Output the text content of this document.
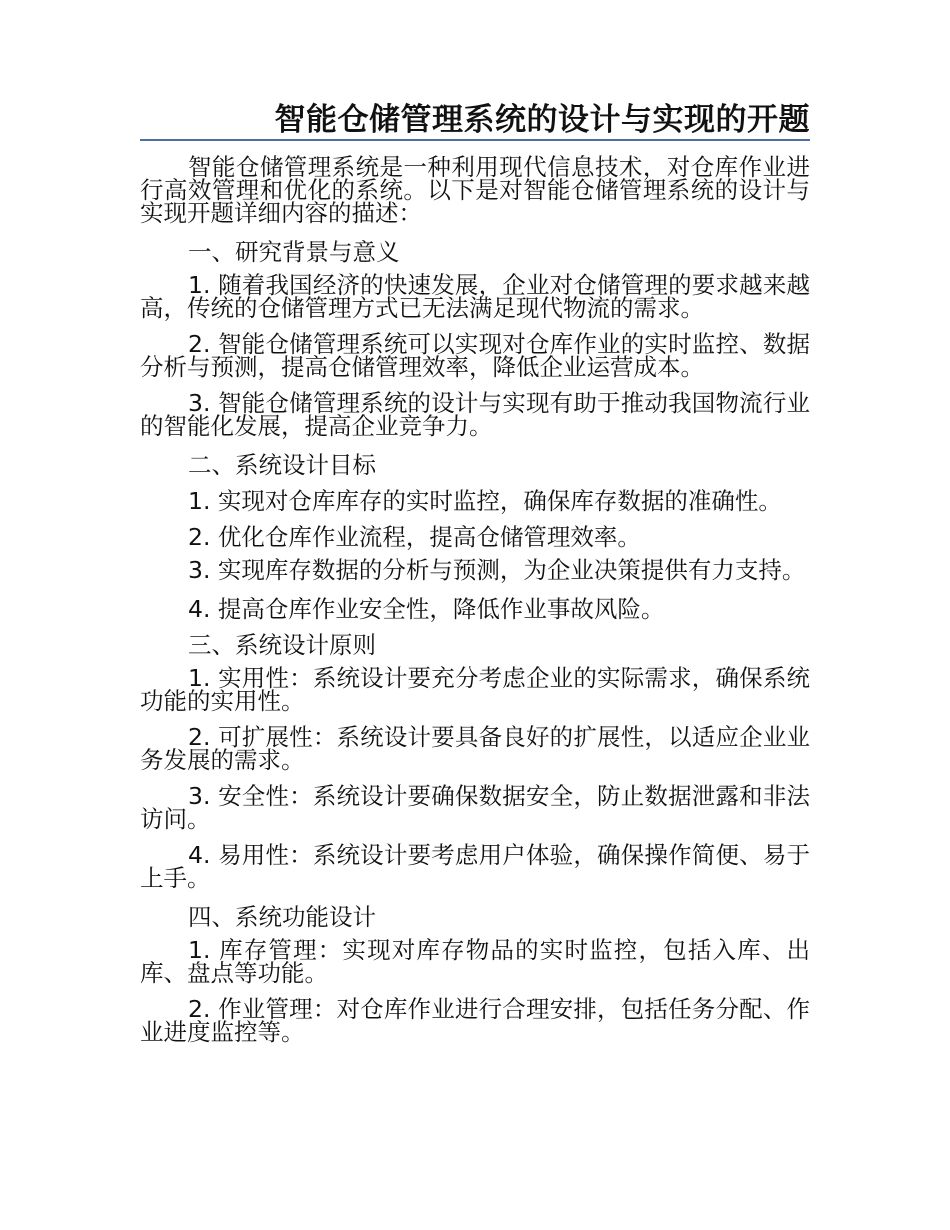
智能仓储管理系统的设计与实现的开题

智能仓储管理系统是一种利用现代信息技术，对仓库作业进行高效管理和优化的系统。以下是对智能仓储管理系统的设计与实现开题详细内容的描述：

一、研究背景与意义

1. 随着我国经济的快速发展，企业对仓储管理的要求越来越高，传统的仓储管理方式已无法满足现代物流的需求。

2. 智能仓储管理系统可以实现对仓库作业的实时监控、数据分析与预测，提高仓储管理效率，降低企业运营成本。

3. 智能仓储管理系统的设计与实现有助于推动我国物流行业的智能化发展，提高企业竞争力。

二、系统设计目标

1. 实现对仓库库存的实时监控，确保库存数据的准确性。

2. 优化仓库作业流程，提高仓储管理效率。

3. 实现库存数据的分析与预测，为企业决策提供有力支持。

4. 提高仓库作业安全性，降低作业事故风险。

三、系统设计原则

1. 实用性：系统设计要充分考虑企业的实际需求，确保系统功能的实用性。

2. 可扩展性：系统设计要具备良好的扩展性，以适应企业业务发展的需求。

3. 安全性：系统设计要确保数据安全，防止数据泄露和非法访问。

4. 易用性：系统设计要考虑用户体验，确保操作简便、易于上手。

四、系统功能设计

1. 库存管理：实现对库存物品的实时监控，包括入库、出库、盘点等功能。

2. 作业管理：对仓库作业进行合理安排，包括任务分配、作业进度监控等。
